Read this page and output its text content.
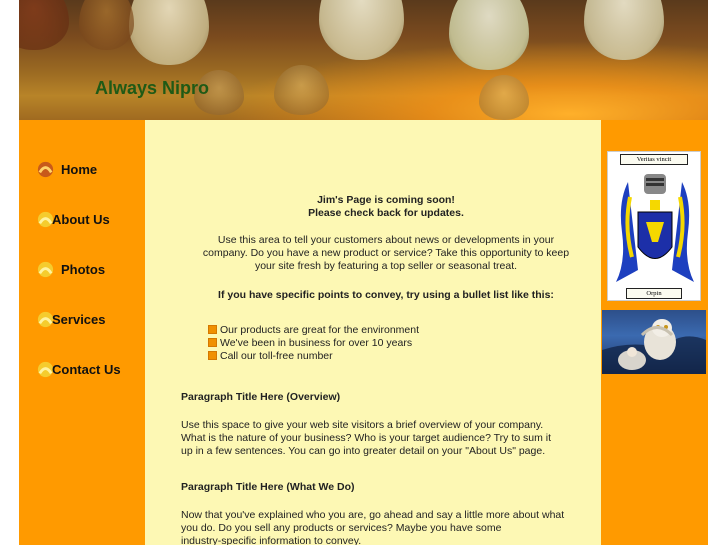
Always Nipro
Home
About Us
Photos
Services
Contact Us

Jim's Page is coming soon!

Please check back for updates.

Use this area to tell your customers about news or developments in your

company. Do you have a new product or service? Take this opportunity to keep

your site fresh by featuring a top seller or seasonal treat.

If you have specific points to convey, try using a bullet list like this:

Our products are great for the environment
We've been in business for over 10 years
Call our toll-free number

Paragraph Title Here (Overview)

Use this space to give your web site visitors a brief overview of your company.

What is the nature of your business? Who is your target audience? Try to sum it

up in a few sentences. You can go into greater detail on your "About Us" page.

Paragraph Title Here (What We Do)

Now that you've explained who you are, go ahead and say a little more about what

you do. Do you sell any products or services? Maybe you have some

industry-specific information to convey.

Veritas vincit
Orpin
